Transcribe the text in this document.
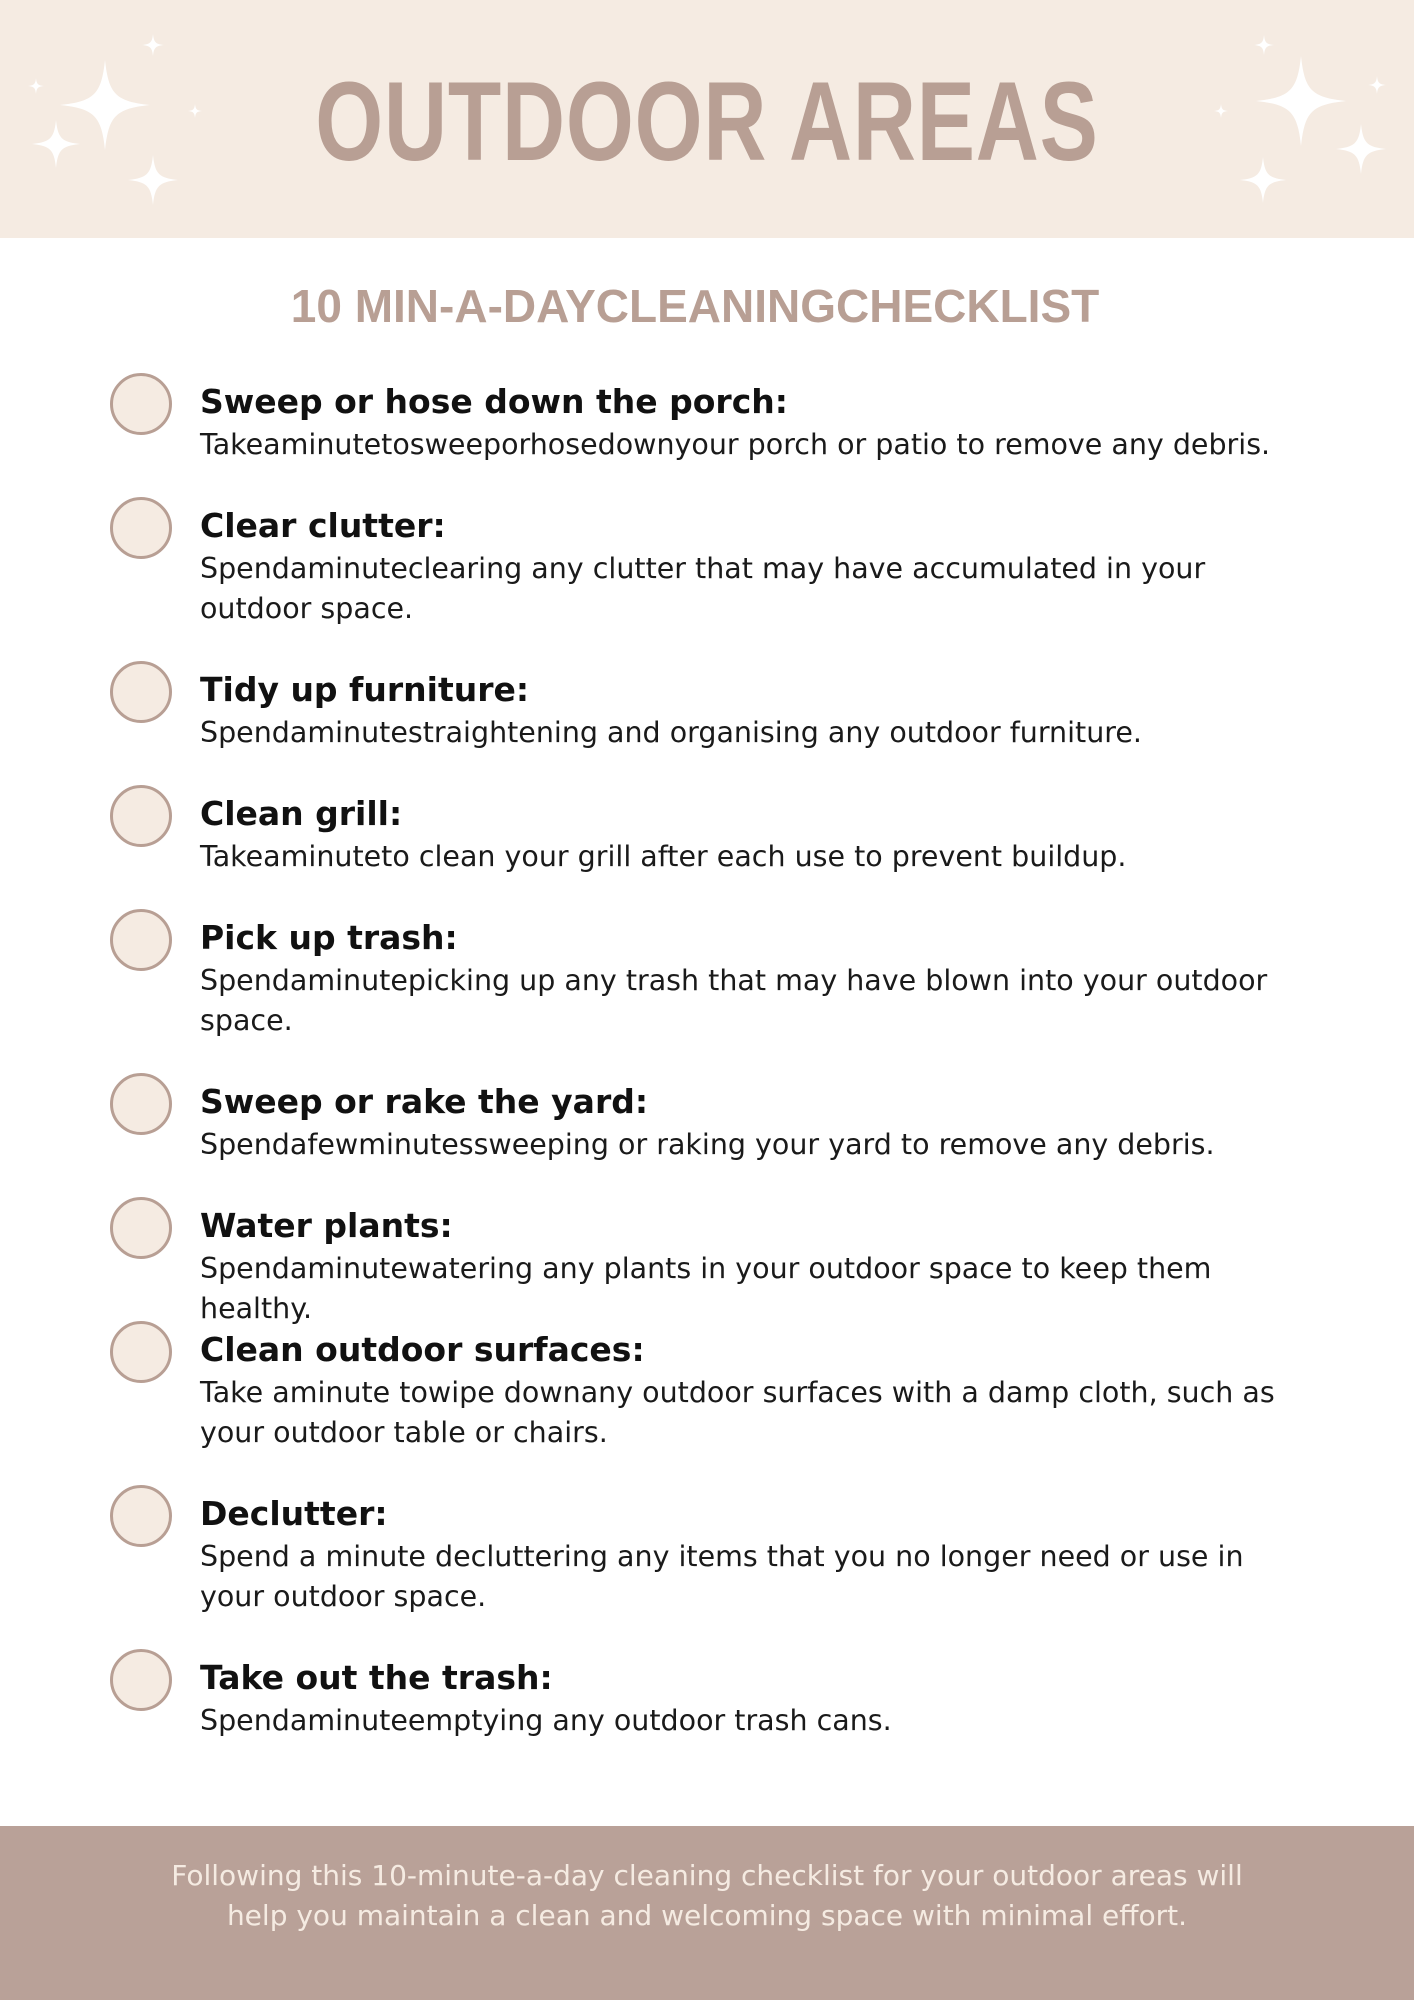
OUTDOOR AREAS
10 MIN-A-DAYCLEANINGCHECKLIST
Sweep or hose down the porch:
Takeaminutetosweeporhosedownyour porch or patio to remove any debris.
Clear clutter:
Spendaminuteclearing any clutter that may have accumulated in your outdoor space.
Tidy up furniture:
Spendaminutestraightening and organising any outdoor furniture.
Clean grill:
Takeaminuteto clean your grill after each use to prevent buildup.
Pick up trash:
Spendaminutepicking up any trash that may have blown into your outdoor space.
Sweep or rake the yard:
Spendafewminutessweeping or raking your yard to remove any debris.
Water plants:
Spendaminutewatering any plants in your outdoor space to keep them healthy.
Clean outdoor surfaces:
Take aminute towipe downany outdoor surfaces with a damp cloth, such as your outdoor table or chairs.
Declutter:
Spend a minute decluttering any items that you no longer need or use in your outdoor space.
Take out the trash:
Spendaminuteemptying any outdoor trash cans.
Following this 10-minute-a-day cleaning checklist for your outdoor areas will help you maintain a clean and welcoming space with minimal effort.
